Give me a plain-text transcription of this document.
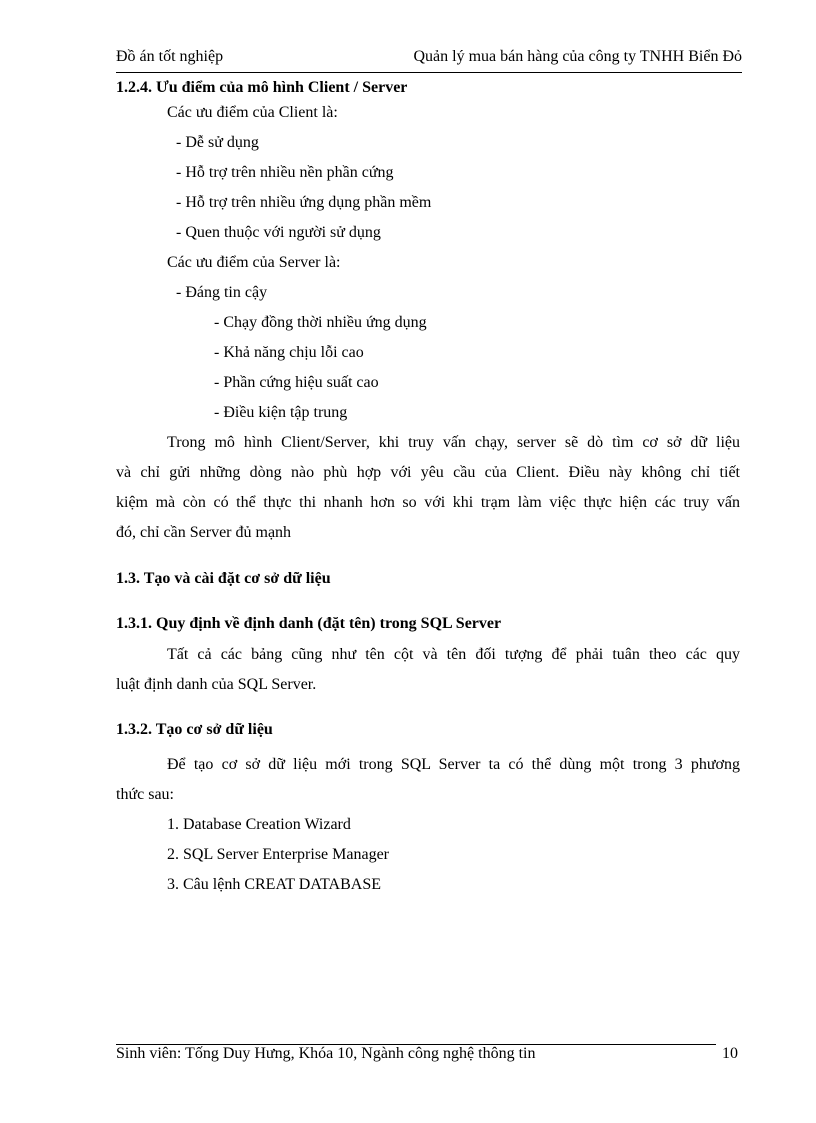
Đồ án tốt nghiệp	Quản lý mua bán hàng của công ty TNHH Biển Đỏ
1.2.4. Ưu điểm của mô hình Client / Server
Các ưu điểm của Client là:
- Dễ sử dụng
- Hỗ trợ trên nhiều nền phần cứng
- Hỗ trợ trên nhiều ứng dụng phần mềm
- Quen thuộc với người sử dụng
Các ưu điểm của Server là:
- Đáng tin cậy
- Chạy đồng thời nhiều ứng dụng
- Khả năng chịu lỗi cao
- Phần cứng hiệu suất cao
- Điều kiện tập trung
Trong mô hình Client/Server, khi truy vấn chạy, server sẽ dò tìm cơ sở dữ liệu
và chỉ gửi những dòng nào phù hợp với yêu cầu của Client. Điều này không chỉ tiết
kiệm mà còn có thể thực thi nhanh hơn so với khi trạm làm việc thực hiện các truy vấn
đó, chỉ cần Server đủ mạnh
1.3. Tạo và cài đặt cơ sở dữ liệu
1.3.1. Quy định về định danh (đặt tên) trong SQL Server
Tất cả các bảng cũng như tên cột và tên đối tượng để phải tuân theo các quy
luật định danh của SQL Server.
1.3.2. Tạo cơ sở dữ liệu
Để tạo cơ sở dữ liệu mới trong SQL Server ta có thể dùng một trong 3 phương
thức sau:
1. Database Creation Wizard
2. SQL Server Enterprise Manager
3. Câu lệnh CREAT DATABASE
Sinh viên: Tống Duy Hưng, Khóa 10, Ngành công nghệ thông tin	10
